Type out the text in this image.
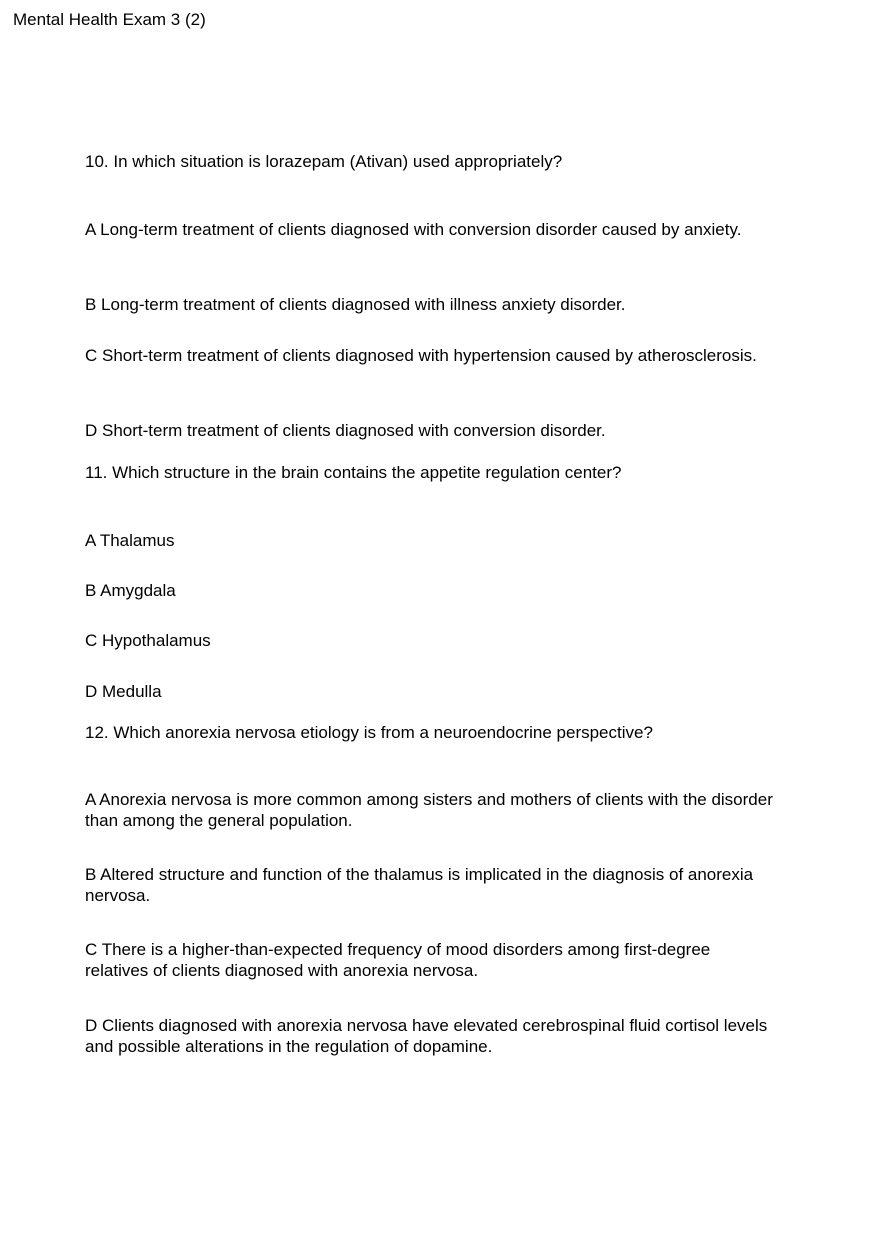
Mental Health Exam 3 (2)

10. In which situation is lorazepam (Ativan) used appropriately?

A Long-term treatment of clients diagnosed with conversion disorder caused by anxiety.

B Long-term treatment of clients diagnosed with illness anxiety disorder.

C Short-term treatment of clients diagnosed with hypertension caused by atherosclerosis.

D Short-term treatment of clients diagnosed with conversion disorder.

11. Which structure in the brain contains the appetite regulation center?

A Thalamus

B Amygdala

C Hypothalamus

D Medulla

12. Which anorexia nervosa etiology is from a neuroendocrine perspective?

A Anorexia nervosa is more common among sisters and mothers of clients with the disorder than among the general population.

B Altered structure and function of the thalamus is implicated in the diagnosis of anorexia nervosa.

C There is a higher-than-expected frequency of mood disorders among first-degree relatives of clients diagnosed with anorexia nervosa.

D Clients diagnosed with anorexia nervosa have elevated cerebrospinal fluid cortisol levels and possible alterations in the regulation of dopamine.
